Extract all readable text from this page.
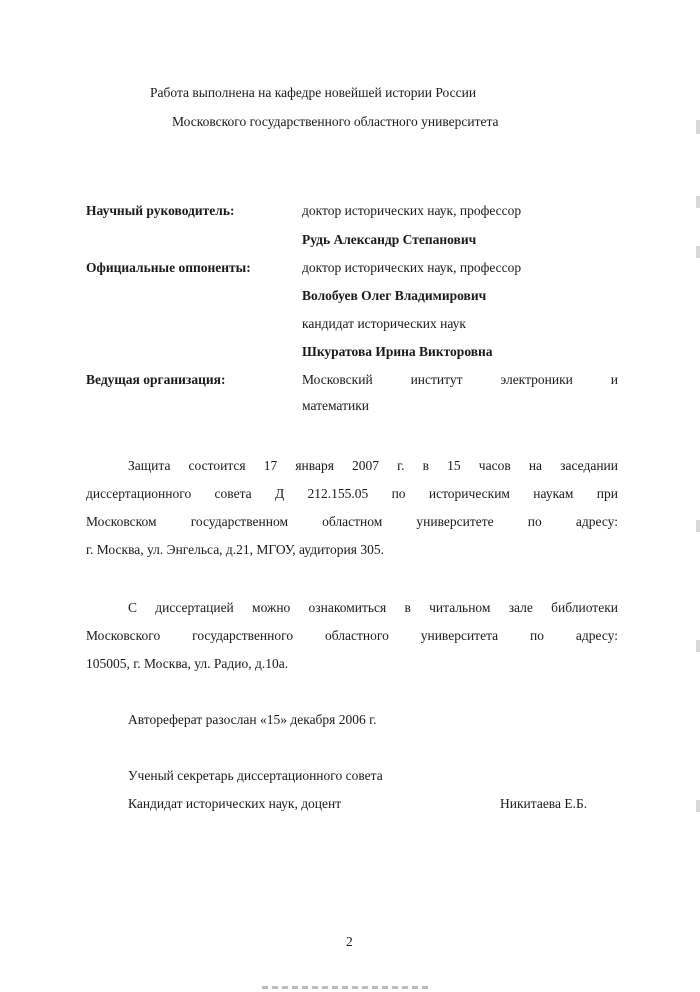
Работа выполнена на кафедре новейшей истории России
Московского государственного областного университета
Научный руководитель:	доктор исторических наук, профессор
Рудь Александр Степанович
Официальные оппоненты:	доктор исторических наук, профессор
Волобуев Олег Владимирович
кандидат исторических наук
Шкуратова Ирина Викторовна
Ведущая организация:	Московский институт электроники и
математики
Защита состоится 17 января 2007 г. в 15 часов на заседании
диссертационного совета Д 212.155.05 по историческим наукам при
Московском государственном областном университете по адресу:
г. Москва, ул. Энгельса, д.21, МГОУ, аудитория 305.
С диссертацией можно ознакомиться в читальном зале библиотеки
Московского государственного областного университета по адресу:
105005, г. Москва, ул. Радио, д.10а.
Автореферат разослан «15» декабря 2006 г.
Ученый секретарь диссертационного совета
Кандидат исторических наук, доцент	Никитаева Е.Б.
2
